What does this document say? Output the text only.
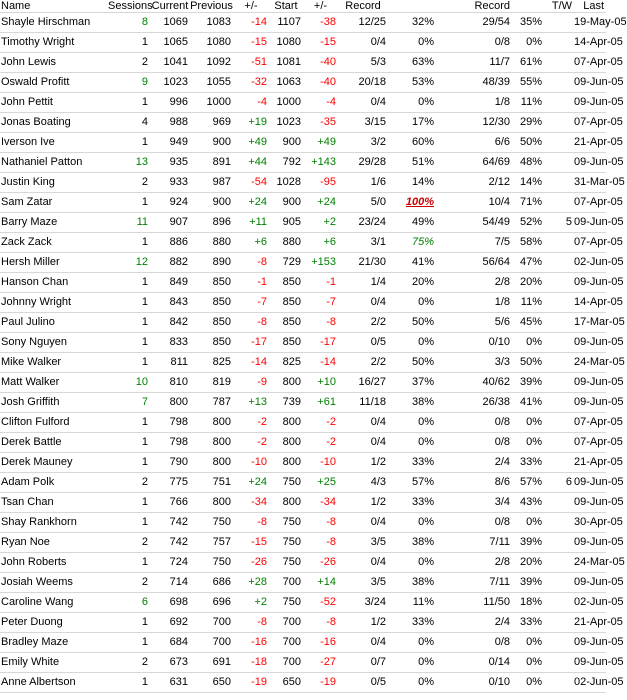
Name	Sessions	Current	Previous	+/-	Start	+/-	Record		Record		T/W	Last
Shayle Hirschman	8	1069	1083	-14	1107	-38	12/25	32%	29/54	35%		19-May-05
Timothy Wright	1	1065	1080	-15	1080	-15	0/4	0%	0/8	0%		14-Apr-05
John Lewis	2	1041	1092	-51	1081	-40	5/3	63%	11/7	61%		07-Apr-05
Oswald Profitt	9	1023	1055	-32	1063	-40	20/18	53%	48/39	55%		09-Jun-05
John Pettit	1	996	1000	-4	1000	-4	0/4	0%	1/8	11%		09-Jun-05
Jonas Boating	4	988	969	+19	1023	-35	3/15	17%	12/30	29%		07-Apr-05
Iverson Ive	1	949	900	+49	900	+49	3/2	60%	6/6	50%		21-Apr-05
Nathaniel Patton	13	935	891	+44	792	+143	29/28	51%	64/69	48%		09-Jun-05
Justin King	2	933	987	-54	1028	-95	1/6	14%	2/12	14%		31-Mar-05
Sam Zatar	1	924	900	+24	900	+24	5/0	100%	10/4	71%		07-Apr-05
Barry Maze	11	907	896	+11	905	+2	23/24	49%	54/49	52%	5	09-Jun-05
Zack Zack	1	886	880	+6	880	+6	3/1	75%	7/5	58%		07-Apr-05
Hersh Miller	12	882	890	-8	729	+153	21/30	41%	56/64	47%		02-Jun-05
Hanson Chan	1	849	850	-1	850	-1	1/4	20%	2/8	20%		09-Jun-05
Johnny Wright	1	843	850	-7	850	-7	0/4	0%	1/8	11%		14-Apr-05
Paul Julino	1	842	850	-8	850	-8	2/2	50%	5/6	45%		17-Mar-05
Sony Nguyen	1	833	850	-17	850	-17	0/5	0%	0/10	0%		09-Jun-05
Mike Walker	1	811	825	-14	825	-14	2/2	50%	3/3	50%		24-Mar-05
Matt Walker	10	810	819	-9	800	+10	16/27	37%	40/62	39%		09-Jun-05
Josh Griffith	7	800	787	+13	739	+61	11/18	38%	26/38	41%		09-Jun-05
Clifton Fulford	1	798	800	-2	800	-2	0/4	0%	0/8	0%		07-Apr-05
Derek Battle	1	798	800	-2	800	-2	0/4	0%	0/8	0%		07-Apr-05
Derek Mauney	1	790	800	-10	800	-10	1/2	33%	2/4	33%		21-Apr-05
Adam Polk	2	775	751	+24	750	+25	4/3	57%	8/6	57%	6	09-Jun-05
Tsan Chan	1	766	800	-34	800	-34	1/2	33%	3/4	43%		09-Jun-05
Shay Rankhorn	1	742	750	-8	750	-8	0/4	0%	0/8	0%		30-Apr-05
Ryan Noe	2	742	757	-15	750	-8	3/5	38%	7/11	39%		09-Jun-05
John Roberts	1	724	750	-26	750	-26	0/4	0%	2/8	20%		24-Mar-05
Josiah Weems	2	714	686	+28	700	+14	3/5	38%	7/11	39%		09-Jun-05
Caroline Wang	6	698	696	+2	750	-52	3/24	11%	11/50	18%		02-Jun-05
Peter Duong	1	692	700	-8	700	-8	1/2	33%	2/4	33%		21-Apr-05
Bradley Maze	1	684	700	-16	700	-16	0/4	0%	0/8	0%		09-Jun-05
Emily White	2	673	691	-18	700	-27	0/7	0%	0/14	0%		09-Jun-05
Anne Albertson	1	631	650	-19	650	-19	0/5	0%	0/10	0%		02-Jun-05
